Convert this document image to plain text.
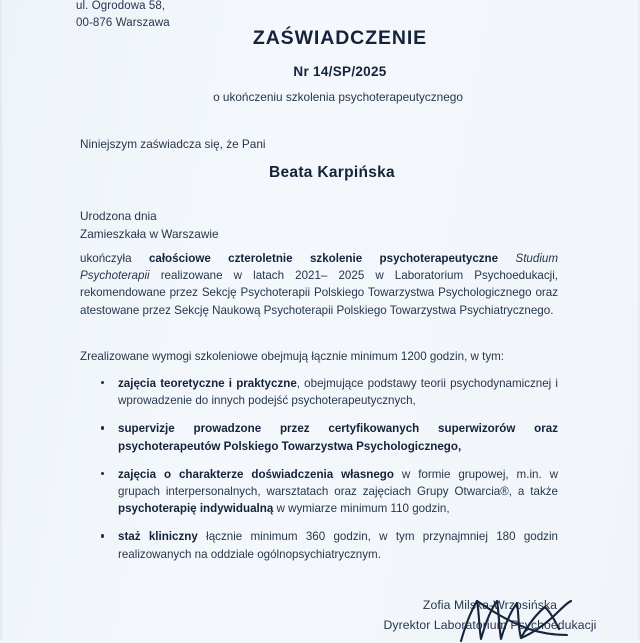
ul. Ogrodowa 58,
00-876 Warszawa
ZAŚWIADCZENIE
Nr 14/SP/2025
o ukończeniu szkolenia psychoterapeutycznego
Niniejszym zaświadcza się, że Pani
Beata Karpińska
Urodzona dnia
Zamieszkała w Warszawie
ukończyła całościowe czteroletnie szkolenie psychoterapeutyczne Studium Psychoterapii realizowane w latach 2021– 2025 w Laboratorium Psychoedukacji, rekomendowane przez Sekcję Psychoterapii Polskiego Towarzystwa Psychologicznego oraz atestowane przez Sekcję Naukową Psychoterapii Polskiego Towarzystwa Psychiatrycznego.
Zrealizowane wymogi szkoleniowe obejmują łącznie minimum 1200 godzin, w tym:
zajęcia teoretyczne i praktyczne, obejmujące podstawy teorii psychodynamicznej i wprowadzenie do innych podejść psychoterapeutycznych,
supervizje prowadzone przez certyfikowanych superwizorów oraz psychoterapeutów Polskiego Towarzystwa Psychologicznego,
zajęcia o charakterze doświadczenia własnego w formie grupowej, m.in. w grupach interpersonalnych, warsztatach oraz zajęciach Grupy Otwarcia®, a także psychoterapię indywidualną w wymiarze minimum 110 godzin,
staż kliniczny łącznie minimum 360 godzin, w tym przynajmniej 180 godzin realizowanych na oddziale ogólnopsychiatrycznym.
Zofia Milska-Wrzosińska
Dyrektor Laboratorium Psychoedukacji
